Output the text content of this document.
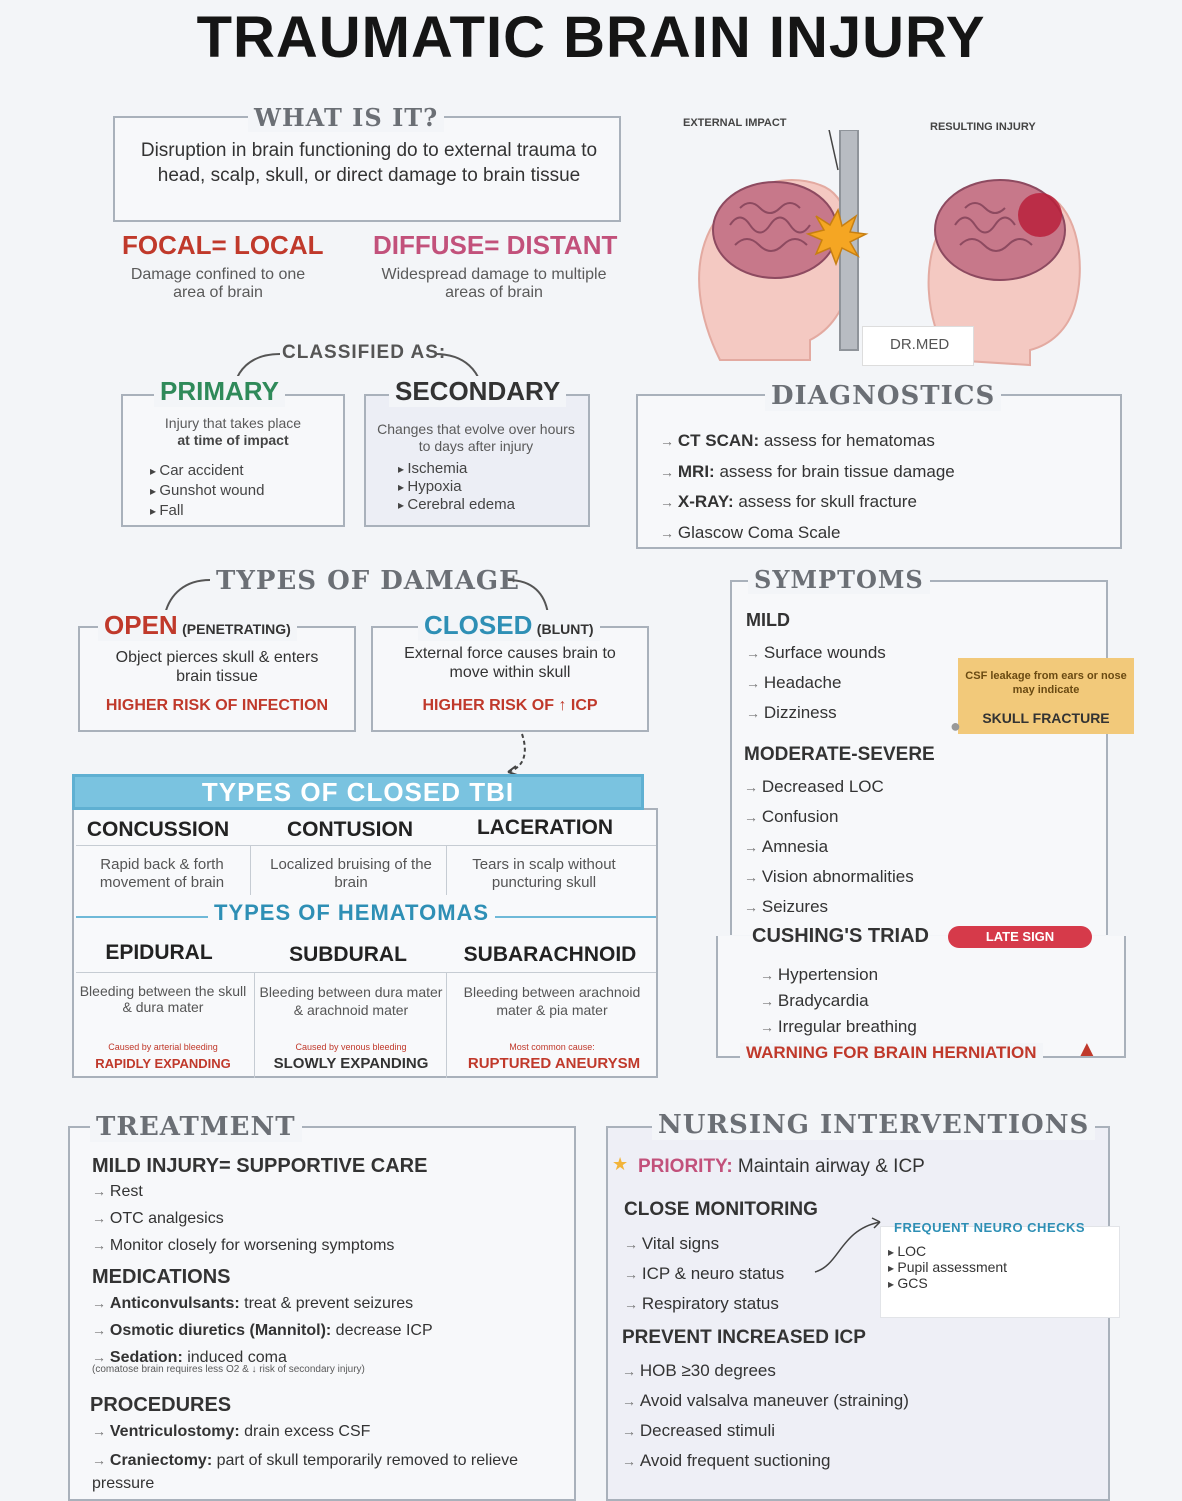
TRAUMATIC BRAIN INJURY
WHAT IS IT?
Disruption in brain functioning do to external trauma to head, scalp, skull, or direct damage to brain tissue
FOCAL= LOCAL
Damage confined to one area of brain
DIFFUSE= DISTANT
Widespread damage to multiple areas of brain
EXTERNAL IMPACT	RESULTING INJURY
DR.MED
CLASSIFIED AS:
PRIMARY
Injury that takes place
at time of impact
▸ Car accident
▸ Gunshot wound
▸ Fall
SECONDARY
Changes that evolve over hours to days after injury
▸ Ischemia
▸ Hypoxia
▸ Cerebral edema
DIAGNOSTICS
→ CT SCAN: assess for hematomas
→ MRI: assess for brain tissue damage
→ X-RAY: assess for skull fracture
→ Glascow Coma Scale
TYPES OF DAMAGE
OPEN (PENETRATING)
Object pierces skull & enters brain tissue
HIGHER RISK OF INFECTION
CLOSED (BLUNT)
External force causes brain to move within skull
HIGHER RISK OF ↑ ICP
TYPES OF CLOSED TBI
CONCUSSION	CONTUSION	LACERATION
Rapid back & forth movement of brain
Localized bruising of the brain
Tears in scalp without puncturing skull
TYPES OF HEMATOMAS
EPIDURAL	SUBDURAL	SUBARACHNOID
Bleeding between the skull & dura mater
Bleeding between dura mater & arachnoid mater
Bleeding between arachnoid mater & pia mater
Caused by arterial bleeding	Caused by venous bleeding	Most common cause:
RAPIDLY EXPANDING	SLOWLY EXPANDING	RUPTURED ANEURYSM
SYMPTOMS
MILD
→ Surface wounds
→ Headache
→ Dizziness
CSF leakage from ears or nose may indicate
SKULL FRACTURE
●
MODERATE-SEVERE
→ Decreased LOC
→ Confusion
→ Amnesia
→ Vision abnormalities
→ Seizures
CUSHING'S TRIAD	LATE SIGN
→ Hypertension
→ Bradycardia
→ Irregular breathing
WARNING FOR BRAIN HERNIATION ▲
TREATMENT
MILD INJURY= SUPPORTIVE CARE
→ Rest
→ OTC analgesics
→ Monitor closely for worsening symptoms
MEDICATIONS
→ Anticonvulsants: treat & prevent seizures
→ Osmotic diuretics (Mannitol): decrease ICP
→ Sedation: induced coma
(comatose brain requires less O2 & ↓ risk of secondary injury)
PROCEDURES
→ Ventriculostomy: drain excess CSF
→ Craniectomy: part of skull temporarily removed to relieve pressure
NURSING INTERVENTIONS
★ PRIORITY: Maintain airway & ICP
CLOSE MONITORING
→ Vital signs
→ ICP & neuro status
→ Respiratory status
FREQUENT NEURO CHECKS
▸ LOC
▸ Pupil assessment
▸ GCS
PREVENT INCREASED ICP
→ HOB ≥30 degrees
→ Avoid valsalva maneuver (straining)
→ Decreased stimuli
→ Avoid frequent suctioning
